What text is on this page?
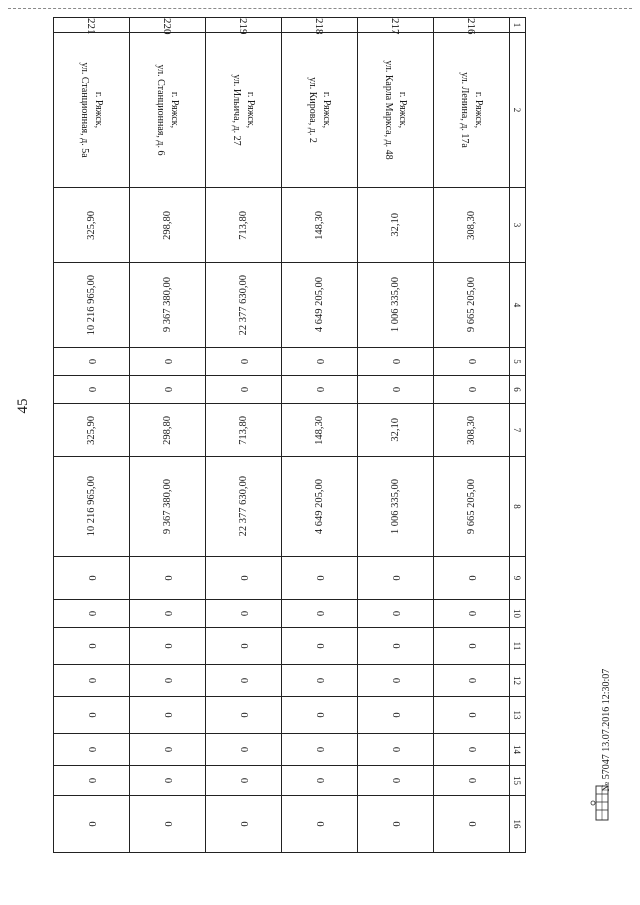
45
1	2	3	4	5	6	7	8	9	10	11	12	13	14	15	16
216	г. Ряжск,
ул. Ленина, д. 17а	308,30	9 665 205,00	0	0	308,30	9 665 205,00	0	0	0	0	0	0	0	0
217	г. Ряжск,
ул. Карла Маркса, д. 48	32,10	1 006 335,00	0	0	32,10	1 006 335,00	0	0	0	0	0	0	0	0
218	г. Ряжск,
ул. Кирова, д. 2	148,30	4 649 205,00	0	0	148,30	4 649 205,00	0	0	0	0	0	0	0	0
219	г. Ряжск,
ул. Ильича, д. 27	713,80	22 377 630,00	0	0	713,80	22 377 630,00	0	0	0	0	0	0	0	0
220	г. Ряжск,
ул. Станционная, д. 6	298,80	9 367 380,00	0	0	298,80	9 367 380,00	0	0	0	0	0	0	0	0
221	г. Ряжск,
ул. Станционная, д. 5а	325,90	10 216 965,00	0	0	325,90	10 216 965,00	0	0	0	0	0	0	0	0
№ 57047 13.07.2016 12:30:07
